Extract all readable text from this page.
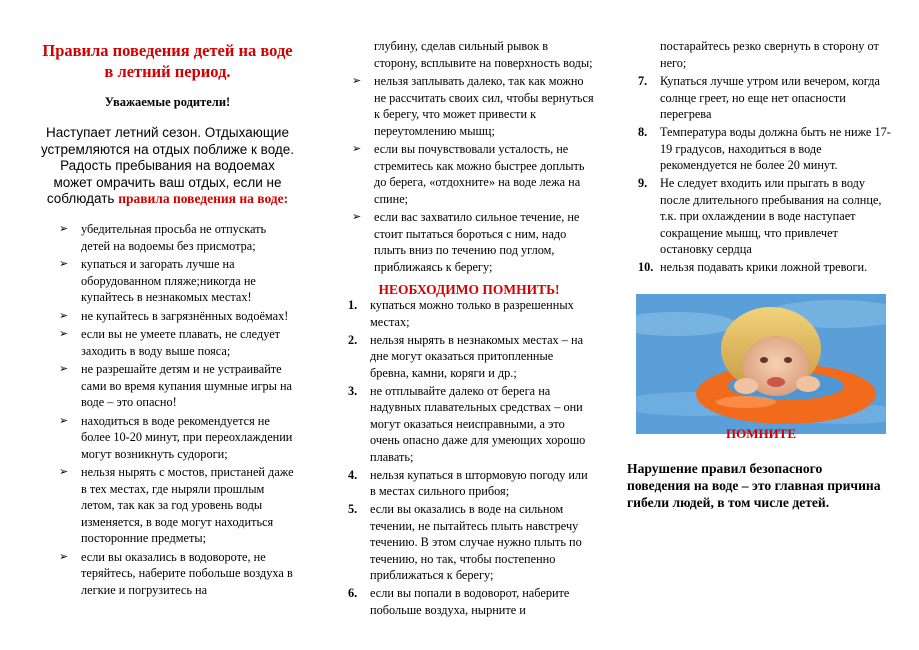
Правила поведения детей на воде в летний период.
Уважаемые родители!
Наступает летний сезон. Отдыхающие устремляются на отдых поближе к воде. Радость пребывания на водоемах может омрачить ваш отдых, если не соблюдать правила поведения на воде:
➢ убедительная просьба не отпускать детей на водоемы без присмотра;
➢ купаться и загорать лучше на оборудованном пляже;никогда не купайтесь в незнакомых местах!
➢ не купайтесь в загрязнённых водоёмах!
➢ если вы не умеете плавать, не следует заходить в воду выше пояса;
➢ не разрешайте детям и не устраивайте сами во время купания шумные игры на воде – это опасно!
➢ находиться в воде рекомендуется не более 10-20 минут, при переохлаждении могут возникнуть судороги;
➢ нельзя нырять с мостов, пристаней даже в тех местах, где ныряли прошлым летом, так как за год уровень воды изменяется, в воде могут находиться посторонние предметы;
➢ если вы оказались в водовороте, не теряйтесь, наберите побольше воздуха в легкие и погрузитесь на
глубину, сделав сильный рывок в сторону, всплывите на поверхность воды;
➢ нельзя заплывать далеко, так как можно не рассчитать своих сил, чтобы вернуться к берегу, что может привести к переутомлению мышц;
➢ если вы почувствовали усталость, не стремитесь как можно быстрее доплыть до берега, «отдохните» на воде лежа на спине;
➢ если вас захватило сильное течение, не стоит пытаться бороться с ним, надо плыть вниз по течению под углом, приближаясь к берегу;
НЕОБХОДИМО ПОМНИТЬ!
1. купаться можно только в разрешенных местах;
2. нельзя нырять в незнакомых местах – на дне могут оказаться притопленные бревна, камни, коряги и др.;
3. не отплывайте далеко от берега на надувных плавательных средствах – они могут оказаться неисправными, а это очень опасно даже для умеющих хорошо плавать;
4. нельзя купаться в штормовую погоду или в местах сильного прибоя;
5. если вы оказались в воде на сильном течении, не пытайтесь плыть навстречу течению. В этом случае нужно плыть по течению, но так, чтобы постепенно приближаться к берегу;
6. если вы попали в водоворот, наберите побольше воздуха, нырните и
постарайтесь резко свернуть в сторону от него;
7. Купаться лучше утром или вечером, когда солнце греет, но еще нет опасности перегрева
8. Температура воды должна быть не ниже 17-19 градусов, находиться в воде рекомендуется не более 20 минут.
9. Не следует входить или прыгать в воду после длительного пребывания на солнце, т.к. при охлаждении в воде наступает сокращение мышц, что привлечет остановку сердца
10. нельзя подавать крики ложной тревоги.
ПОМНИТЕ
Нарушение правил безопасного поведения на воде – это главная причина гибели людей, в том числе детей.
